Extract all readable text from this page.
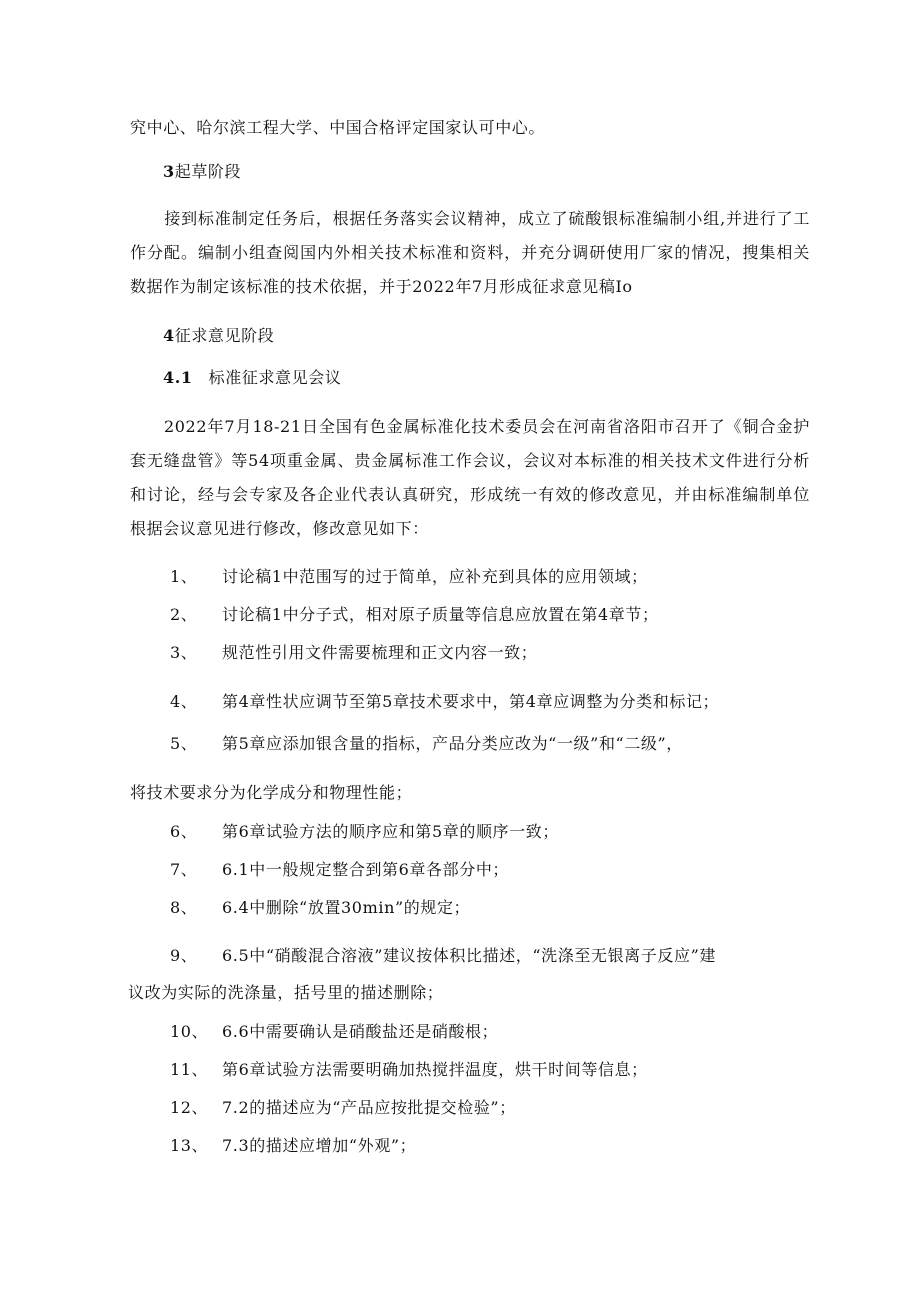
究中心、哈尔滨工程大学、中国合格评定国家认可中心。
3起草阶段
接到标准制定任务后，根据任务落实会议精神，成立了硫酸银标准编制小组,并进行了工作分配。编制小组查阅国内外相关技术标准和资料，并充分调研使用厂家的情况，搜集相关数据作为制定该标准的技术依据，并于2022年7月形成征求意见稿Io
4征求意见阶段
4.1 标准征求意见会议
2022年7月18-21日全国有色金属标准化技术委员会在河南省洛阳市召开了《铜合金护套无缝盘管》等54项重金属、贵金属标准工作会议，会议对本标准的相关技术文件进行分析和讨论，经与会专家及各企业代表认真研究，形成统一有效的修改意见，并由标准编制单位根据会议意见进行修改，修改意见如下：
1、 讨论稿1中范围写的过于简单，应补充到具体的应用领域；
2、 讨论稿1中分子式，相对原子质量等信息应放置在第4章节；
3、 规范性引用文件需要梳理和正文内容一致；
4、 第4章性状应调节至第5章技术要求中，第4章应调整为分类和标记；
5、 第5章应添加银含量的指标，产品分类应改为“一级”和“二级”，
将技术要求分为化学成分和物理性能；
6、 第6章试验方法的顺序应和第5章的顺序一致；
7、 6.1中一般规定整合到第6章各部分中；
8、 6.4中删除“放置30min”的规定；
9、 6.5中“硝酸混合溶液”建议按体积比描述，“洗涤至无银离子反应”建
议改为实际的洗涤量，括号里的描述删除；
10、 6.6中需要确认是硝酸盐还是硝酸根；
11、 第6章试验方法需要明确加热搅拌温度，烘干时间等信息；
12、 7.2的描述应为“产品应按批提交检验”；
13、 7.3的描述应增加“外观”；
